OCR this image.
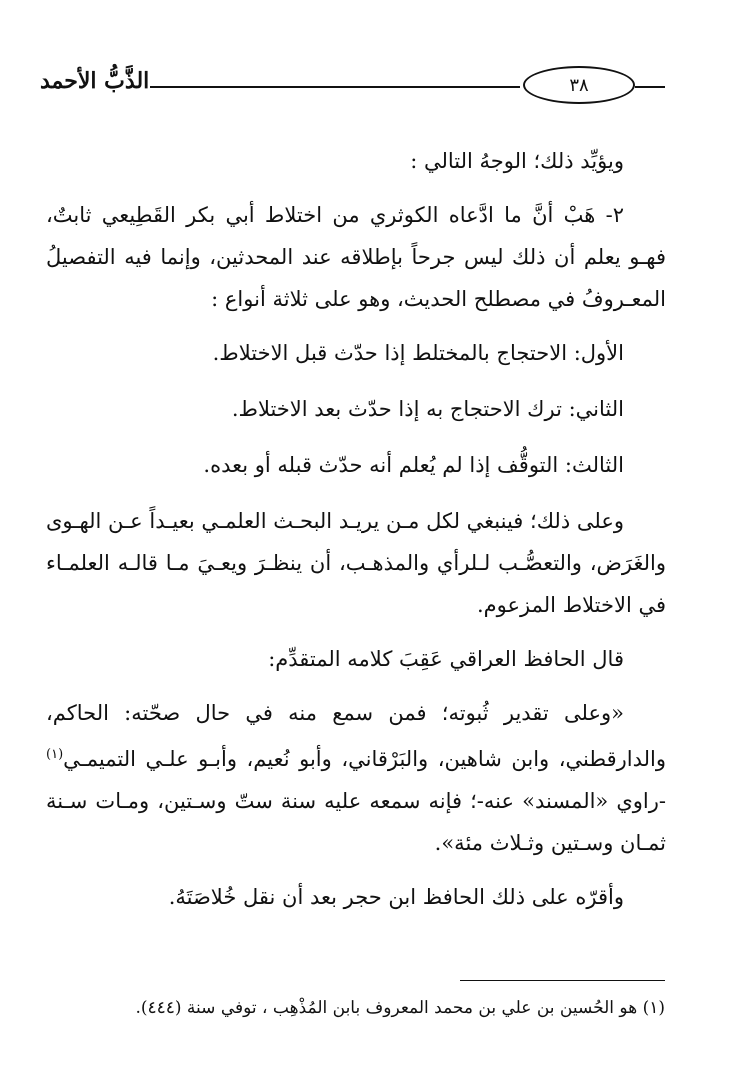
الذَّبُّ الأحمد	٣٨

ويؤيِّد ذلك؛ الوجهُ التالي :

٢- هَبْ أنَّ ما ادَّعاه الكوثري من اختلاط أبي بكر القَطِيعي ثابتٌ، فهـو يعلم أن ذلك ليس جرحاً بإطلاقه عند المحدثين، وإنما فيه التفصيلُ المعـروفُ في مصطلح الحديث، وهو على ثلاثة أنواع :

الأول: الاحتجاج بالمختلط إذا حدّث قبل الاختلاط.

الثاني: ترك الاحتجاج به إذا حدّث بعد الاختلاط.

الثالث: التوقُّف إذا لم يُعلم أنه حدّث قبله أو بعده.

وعلى ذلك؛ فينبغي لكل مـن يريـد البحـث العلمـي بعيـداً عـن الهـوى والغَرَض، والتعصُّـب لـلرأي والمذهـب، أن ينظـرَ ويعـيَ مـا قالـه العلمـاء في الاختلاط المزعوم.

قال الحافظ العراقي عَقِبَ كلامه المتقدِّم:

«وعلى تقدير ثُبوته؛ فمن سمع منه في حال صحّته: الحاكم، والدارقطني، وابن شاهين، والبَرْقاني، وأبو نُعيم، وأبـو علـي التميمـي$^{(١)}$ -راوي «المسند» عنه-؛ فإنه سمعه عليه سنة ستّ وسـتين، ومـات سـنة ثمـان وسـتين وثـلاث مئة».

وأقرّه على ذلك الحافظ ابن حجر بعد أن نقل خُلاصَتَهُ.

(١) هو الحُسين بن علي بن محمد المعروف بابن المُذْهِب ، توفي سنة (٤٤٤).
